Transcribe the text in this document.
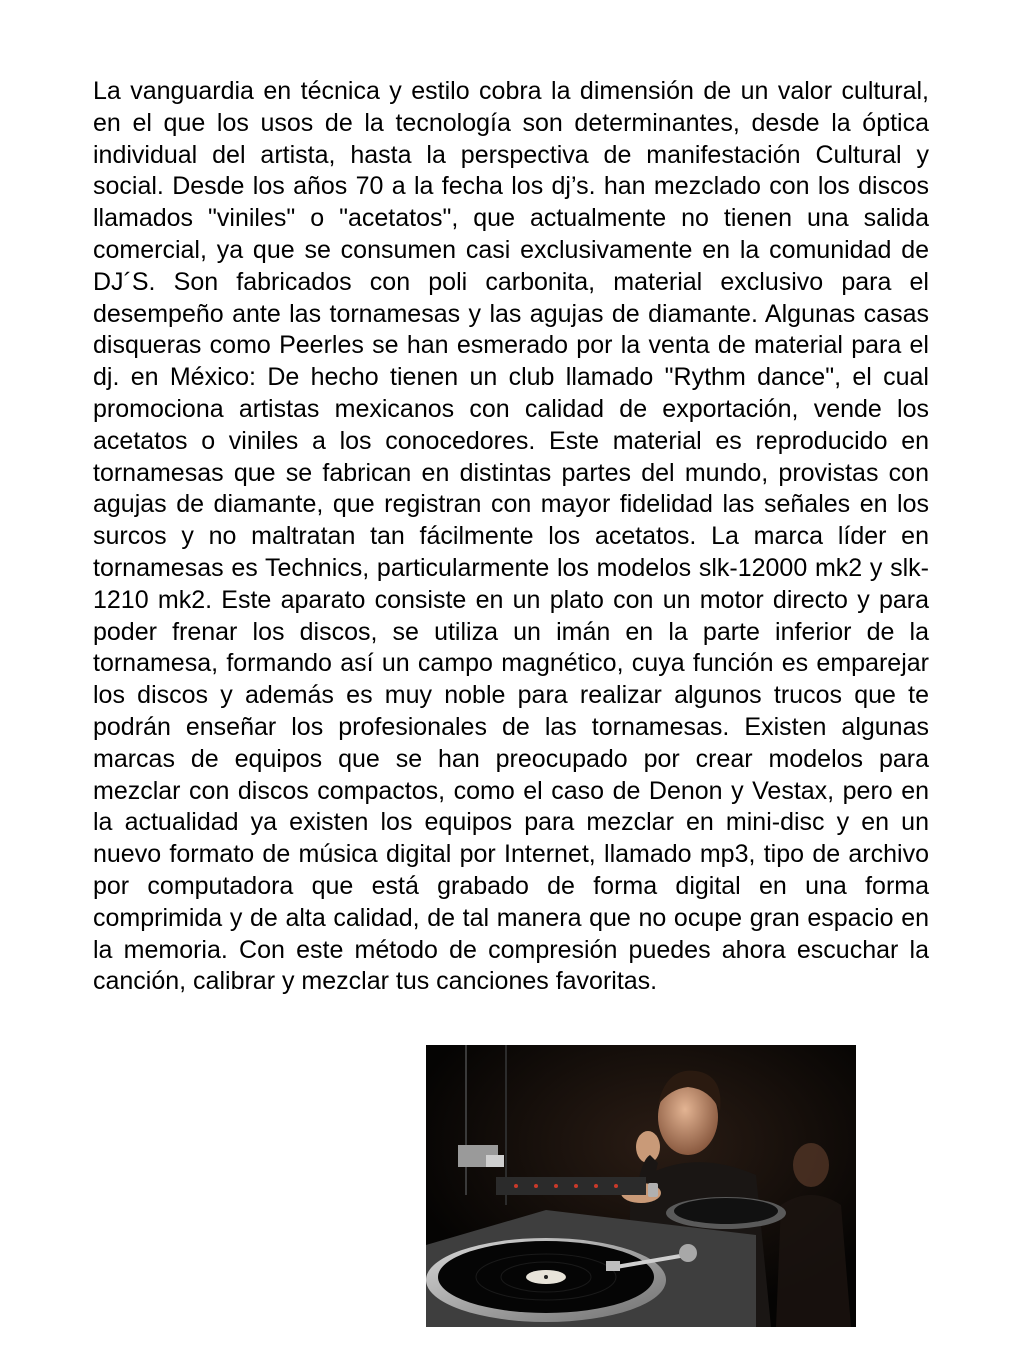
La vanguardia en técnica y estilo cobra la dimensión de un valor cultural, en el que los usos de la tecnología son determinantes, desde la óptica individual del artista, hasta la perspectiva de manifestación Cultural y social. Desde los años 70 a la fecha los dj’s. han mezclado con los discos llamados "viniles" o "acetatos", que actualmente no tienen una salida comercial, ya que se consumen casi exclusivamente en la comunidad de DJ´S. Son fabricados con poli carbonita, material exclusivo para el desempeño ante las tornamesas y las agujas de diamante. Algunas casas disqueras como Peerles se han esmerado por la venta de material para el dj. en México: De hecho tienen un club llamado "Rythm dance", el cual promociona artistas mexicanos con calidad de exportación, vende los acetatos o viniles a los conocedores. Este material es reproducido en tornamesas que se fabrican en distintas partes del mundo, provistas con agujas de diamante, que registran con mayor fidelidad las señales en los surcos y no maltratan tan fácilmente los acetatos. La marca líder en tornamesas es Technics, particularmente los modelos slk-12000 mk2 y slk-1210 mk2. Este aparato consiste en un plato con un motor directo y para poder frenar los discos, se utiliza un imán en la parte inferior de la tornamesa, formando así un campo magnético, cuya función es emparejar los discos y además es muy noble para realizar algunos trucos que te podrán enseñar los profesionales de las tornamesas. Existen algunas marcas de equipos que se han preocupado por crear modelos para mezclar con discos compactos, como el caso de Denon y Vestax, pero en la actualidad ya existen los equipos para mezclar en mini-disc y en un nuevo formato de música digital por Internet, llamado mp3, tipo de archivo por computadora que está grabado de forma digital en una forma comprimida y de alta calidad, de tal manera que no ocupe gran espacio en la memoria. Con este método de compresión puedes ahora escuchar la canción, calibrar y mezclar tus canciones favoritas.
